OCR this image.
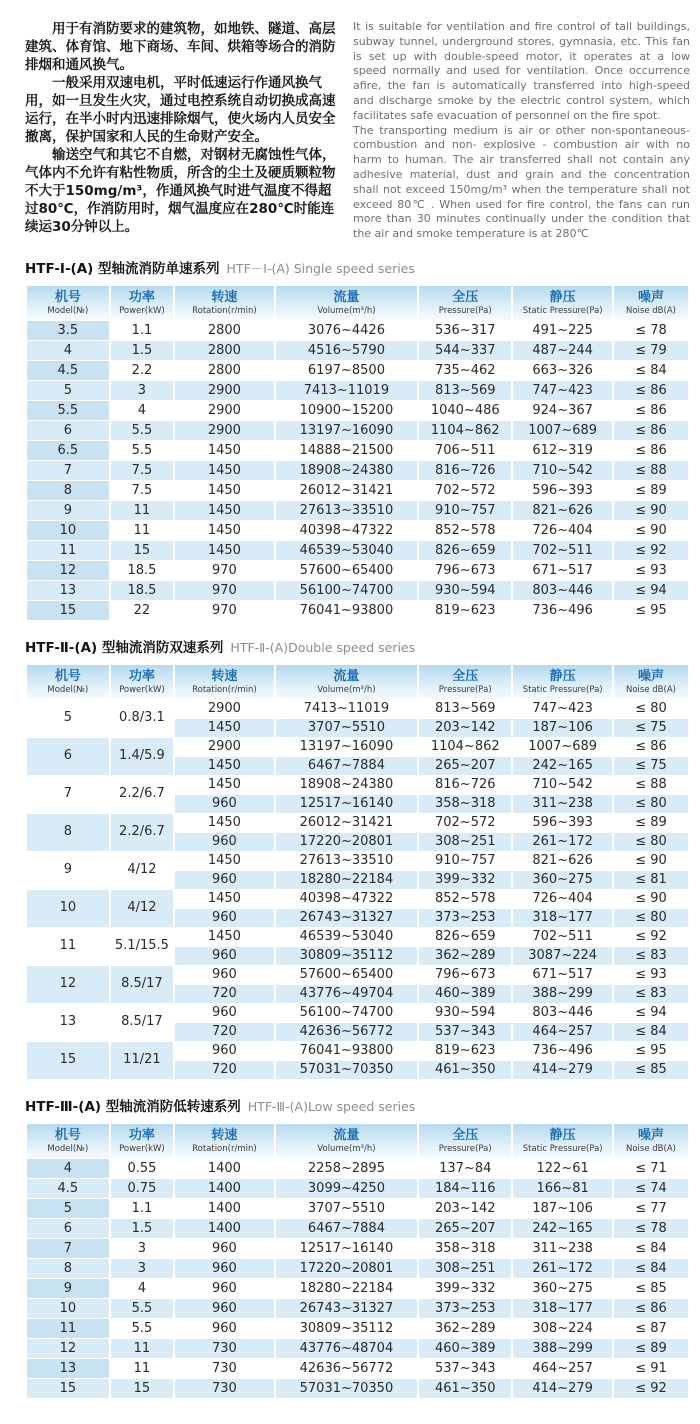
用于有消防要求的建筑物，如地铁、隧道、高层建筑、体育馆、地下商场、车间、烘箱等场合的消防排烟和通风换气。

一般采用双速电机，平时低速运行作通风换气用，如一旦发生火灾，通过电控系统自动切换成高速运行，在半小时内迅速排除烟气，使火场内人员安全撤离，保护国家和人民的生命财产安全。

输送空气和其它不自燃，对钢材无腐蚀性气体，气体内不允许有粘性物质，所含的尘土及硬质颗粒物不大于150mg/m³，作通风换气时进气温度不得超过80℃，作消防用时，烟气温度应在280℃时能连续运30分钟以上。

It is suitable for ventilation and fire control of tall buildings, subway tunnel, underground stores, gymnasia, etc. This fan is set up with double-speed motor, it operates at a low speed normally and used for ventilation. Once occurrence afire, the fan is automatically transferred into high-speed and discharge smoke by the electric control system, which facilitates safe evacuation of personnel on the fire spot.

The transporting medium is air or other non-spontaneous-combustion and non- explosive - combustion air with no harm to human. The air transferred shall not contain any adhesive material, dust and grain and the concentration shall not exceed 150mg/m³ when the temperature shall not exceed 80℃ . When used for fire control, the fans can run more than 30 minutes continually under the condition that the air and smoke temperature is at 280℃

HTF-Ⅰ-(A) 型轴流消防单速系列 HTF－Ⅰ-(A) Single speed series
机号
Model(№)	功率
Power(kW)	转速
Rotation(r/min)	流量
Volume(m³/h)	全压
Pressure(Pa)	静压
Static Pressure(Pa)	噪声
Noise dB(A)

3.5	1.1	2800	3076~4426	536~317	491~225	≤ 78
4	1.5	2800	4516~5790	544~337	487~244	≤ 79
4.5	2.2	2800	6197~8500	735~462	663~326	≤ 84
5	3	2900	7413~11019	813~569	747~423	≤ 86
5.5	4	2900	10900~15200	1040~486	924~367	≤ 86
6	5.5	2900	13197~16090	1104~862	1007~689	≤ 86
6.5	5.5	1450	14888~21500	706~511	612~319	≤ 86
7	7.5	1450	18908~24380	816~726	710~542	≤ 88
8	7.5	1450	26012~31421	702~572	596~393	≤ 89
9	11	1450	27613~33510	910~757	821~626	≤ 90
10	11	1450	40398~47322	852~578	726~404	≤ 90
11	15	1450	46539~53040	826~659	702~511	≤ 92
12	18.5	970	57600~65400	796~673	671~517	≤ 93
13	18.5	970	56100~74700	930~594	803~446	≤ 94
15	22	970	76041~93800	819~623	736~496	≤ 95
HTF-Ⅱ-(A) 型轴流消防双速系列 HTF-Ⅱ-(A)Double speed series
机号
Model(№)	功率
Power(kW)	转速
Rotation(r/min)	流量
Volume(m³/h)	全压
Pressure(Pa)	静压
Static Pressure(Pa)	噪声
Noise dB(A)

5	0.8/3.1	2900	7413~11019	813~569	747~423	≤ 80
		1450	3707~5510	203~142	187~106	≤ 75
6	1.4/5.9	2900	13197~16090	1104~862	1007~689	≤ 86
		1450	6467~7884	265~207	242~165	≤ 75
7	2.2/6.7	1450	18908~24380	816~726	710~542	≤ 88
		960	12517~16140	358~318	311~238	≤ 80
8	2.2/6.7	1450	26012~31421	702~572	596~393	≤ 89
		960	17220~20801	308~251	261~172	≤ 80
9	4/12	1450	27613~33510	910~757	821~626	≤ 90
		960	18280~22184	399~332	360~275	≤ 81
10	4/12	1450	40398~47322	852~578	726~404	≤ 90
		960	26743~31327	373~253	318~177	≤ 80
11	5.1/15.5	1450	46539~53040	826~659	702~511	≤ 92
		960	30809~35112	362~289	3087~224	≤ 83
12	8.5/17	960	57600~65400	796~673	671~517	≤ 93
		720	43776~49704	460~389	388~299	≤ 83
13	8.5/17	960	56100~74700	930~594	803~446	≤ 94
		720	42636~56772	537~343	464~257	≤ 84
15	11/21	960	76041~93800	819~623	736~496	≤ 95
		720	57031~70350	461~350	414~279	≤ 85
HTF-Ⅲ-(A) 型轴流消防低转速系列 HTF-Ⅲ-(A)Low speed series
机号
Model(№)	功率
Power(kW)	转速
Rotation(r/min)	流量
Volume(m³/h)	全压
Pressure(Pa)	静压
Static Pressure(Pa)	噪声
Noise dB(A)

4	0.55	1400	2258~2895	137~84	122~61	≤ 71
4.5	0.75	1400	3099~4250	184~116	166~81	≤ 74
5	1.1	1400	3707~5510	203~142	187~106	≤ 77
6	1.5	1400	6467~7884	265~207	242~165	≤ 78
7	3	960	12517~16140	358~318	311~238	≤ 84
8	3	960	17220~20801	308~251	261~172	≤ 84
9	4	960	18280~22184	399~332	360~275	≤ 85
10	5.5	960	26743~31327	373~253	318~177	≤ 86
11	5.5	960	30809~35112	362~289	308~224	≤ 87
12	11	730	43776~48704	460~389	388~299	≤ 89
13	11	730	42636~56772	537~343	464~257	≤ 91
15	15	730	57031~70350	461~350	414~279	≤ 92
